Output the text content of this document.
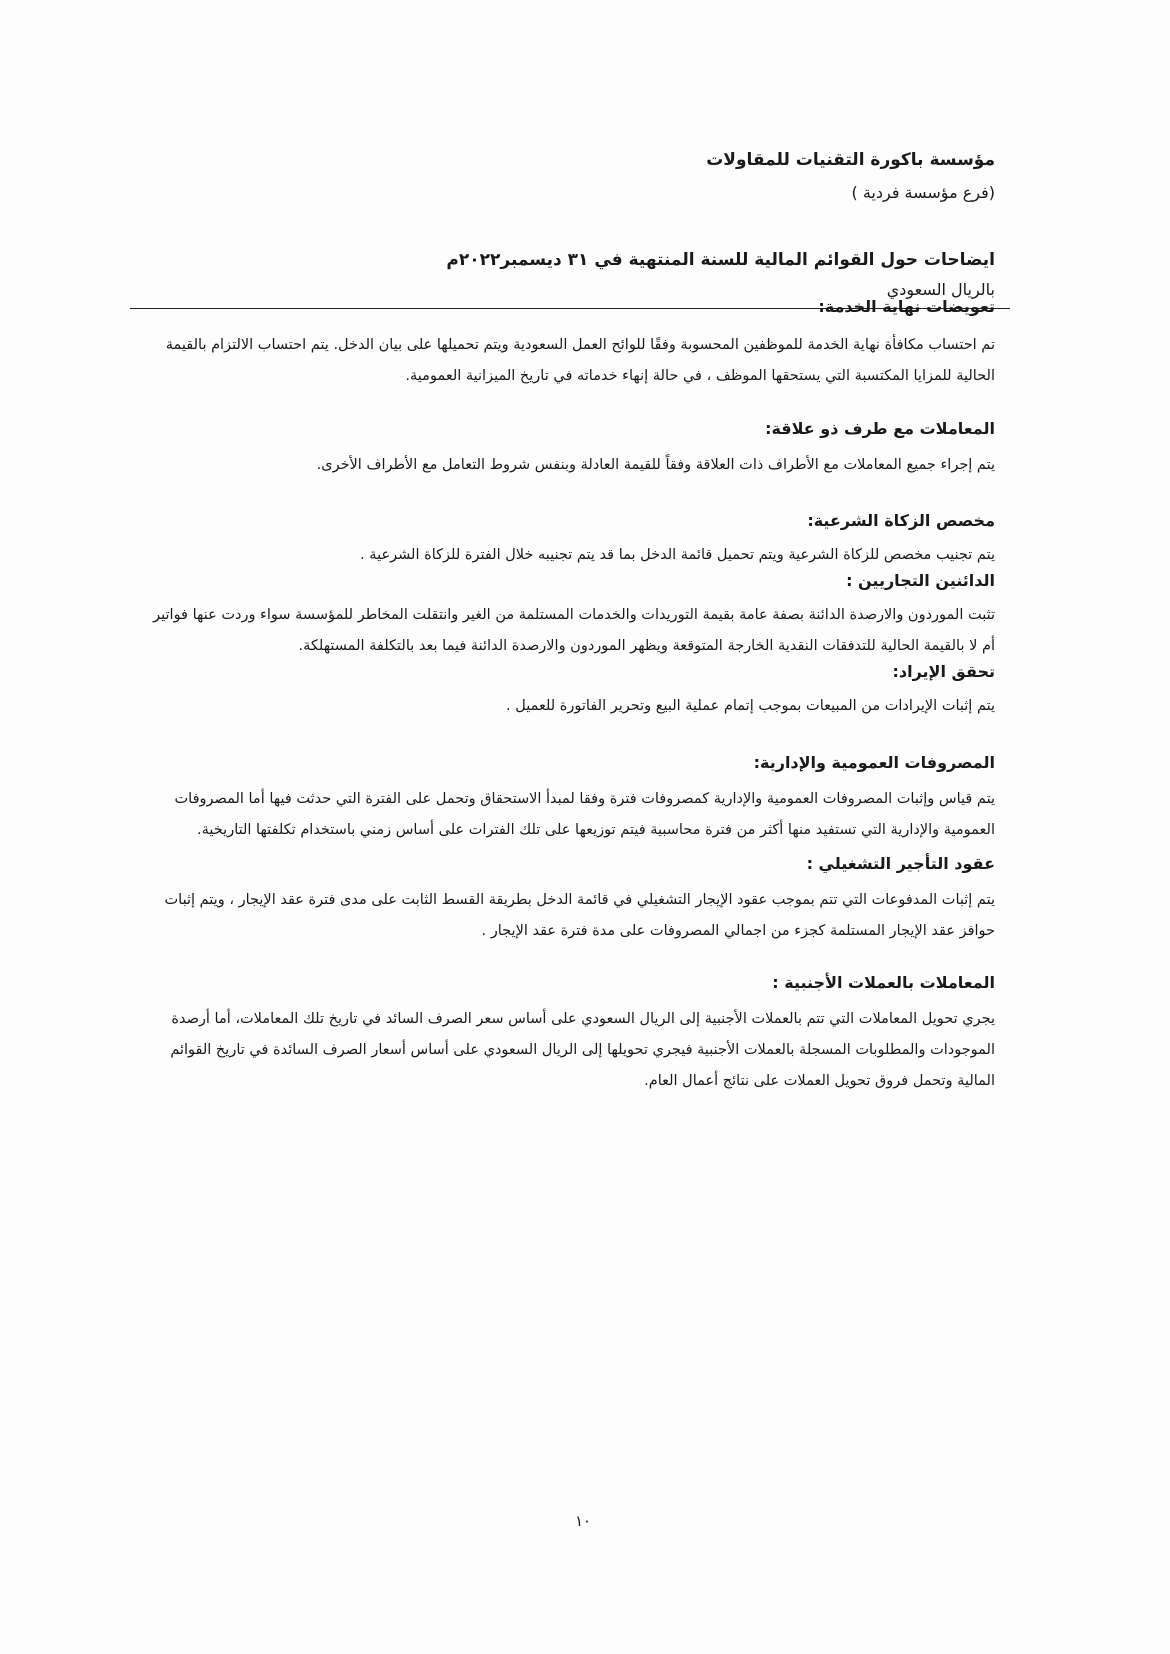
مؤسسة باكورة التقنيات للمقاولات
(فرع مؤسسة فردية )
ايضاحات حول القوائم المالية للسنة المنتهية في ٣١ ديسمبر٢٠٢٢م
بالريال السعودي

تعويضات نهاية الخدمة:

تم احتساب مكافأة نهاية الخدمة للموظفين المحسوبة وفقًا للوائح العمل السعودية ويتم تحميلها على بيان الدخل. يتم احتساب الالتزام بالقيمة الحالية للمزايا المكتسبة التي يستحقها الموظف ، في حالة إنهاء خدماته في تاريخ الميزانية العمومية.

المعاملات مع طرف ذو علاقة:

يتم إجراء جميع المعاملات مع الأطراف ذات العلاقة وفقاً للقيمة العادلة وبنفس شروط التعامل مع الأطراف الأخرى.

مخصص الزكاة الشرعية:

يتم تجنيب مخصص للزكاة الشرعية ويتم تحميل قائمة الدخل بما قد يتم تجنيبه خلال الفترة للزكاة الشرعية .

الدائنين التجاريين :

تثبت الموردون والارصدة الدائنة بصفة عامة بقيمة التوريدات والخدمات المستلمة من الغير وانتقلت المخاطر للمؤسسة سواء وردت عنها فواتير أم لا بالقيمة الحالية للتدفقات النقدية الخارجة المتوقعة ويظهر الموردون والارصدة الدائنة فيما بعد بالتكلفة المستهلكة.

تحقق الإيراد:

يتم إثبات الإيرادات من المبيعات بموجب إتمام عملية البيع وتحرير الفاتورة للعميل .

المصروفات العمومية والإدارية:

يتم قياس وإثبات المصروفات العمومية والإدارية كمصروفات فترة وفقا لمبدأ الاستحقاق وتحمل على الفترة التي حدثت فيها أما المصروفات العمومية والإدارية التي تستفيد منها أكثر من فترة محاسبية فيتم توزيعها على تلك الفترات على أساس زمني باستخدام تكلفتها التاريخية.

عقود التأجير التشغيلي :

يتم إثبات المدفوعات التي تتم بموجب عقود الإيجار التشغيلي في قائمة الدخل بطريقة القسط الثابت على مدى فترة عقد الإيجار ، ويتم إثبات حوافز عقد الإيجار المستلمة كجزء من اجمالي المصروفات على مدة فترة عقد الإيجار .

المعاملات بالعملات الأجنبية :

يجري تحويل المعاملات التي تتم بالعملات الأجنبية إلى الريال السعودي على أساس سعر الصرف السائد في تاريخ تلك المعاملات، أما أرصدة الموجودات والمطلوبات المسجلة بالعملات الأجنبية فيجري تحويلها إلى الريال السعودي على أساس أسعار الصرف السائدة في تاريخ القوائم المالية وتحمل فروق تحويل العملات على نتائج أعمال العام.

١٠
